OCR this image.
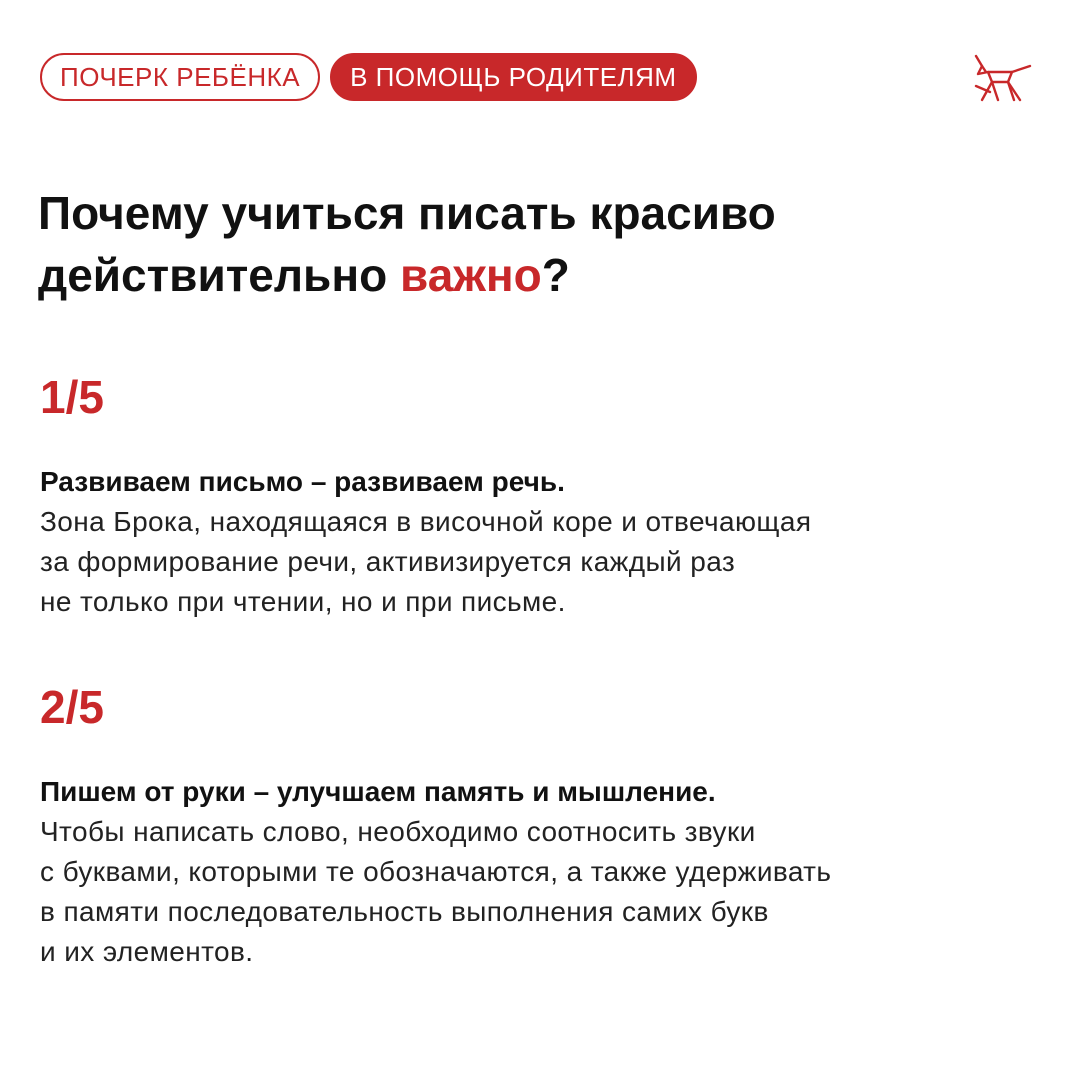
ПОЧЕРК РЕБЁНКА	В ПОМОЩЬ РОДИТЕЛЯМ
Почему учиться писать красиво
действительно важно?
1/5
Развиваем письмо – развиваем речь.
Зона Брока, находящаяся в височной коре и отвечающая
за формирование речи, активизируется каждый раз
не только при чтении, но и при письме.
2/5
Пишем от руки – улучшаем память и мышление.
Чтобы написать слово, необходимо соотносить звуки
с буквами, которыми те обозначаются, а также удерживать
в памяти последовательность выполнения самих букв
и их элементов.
